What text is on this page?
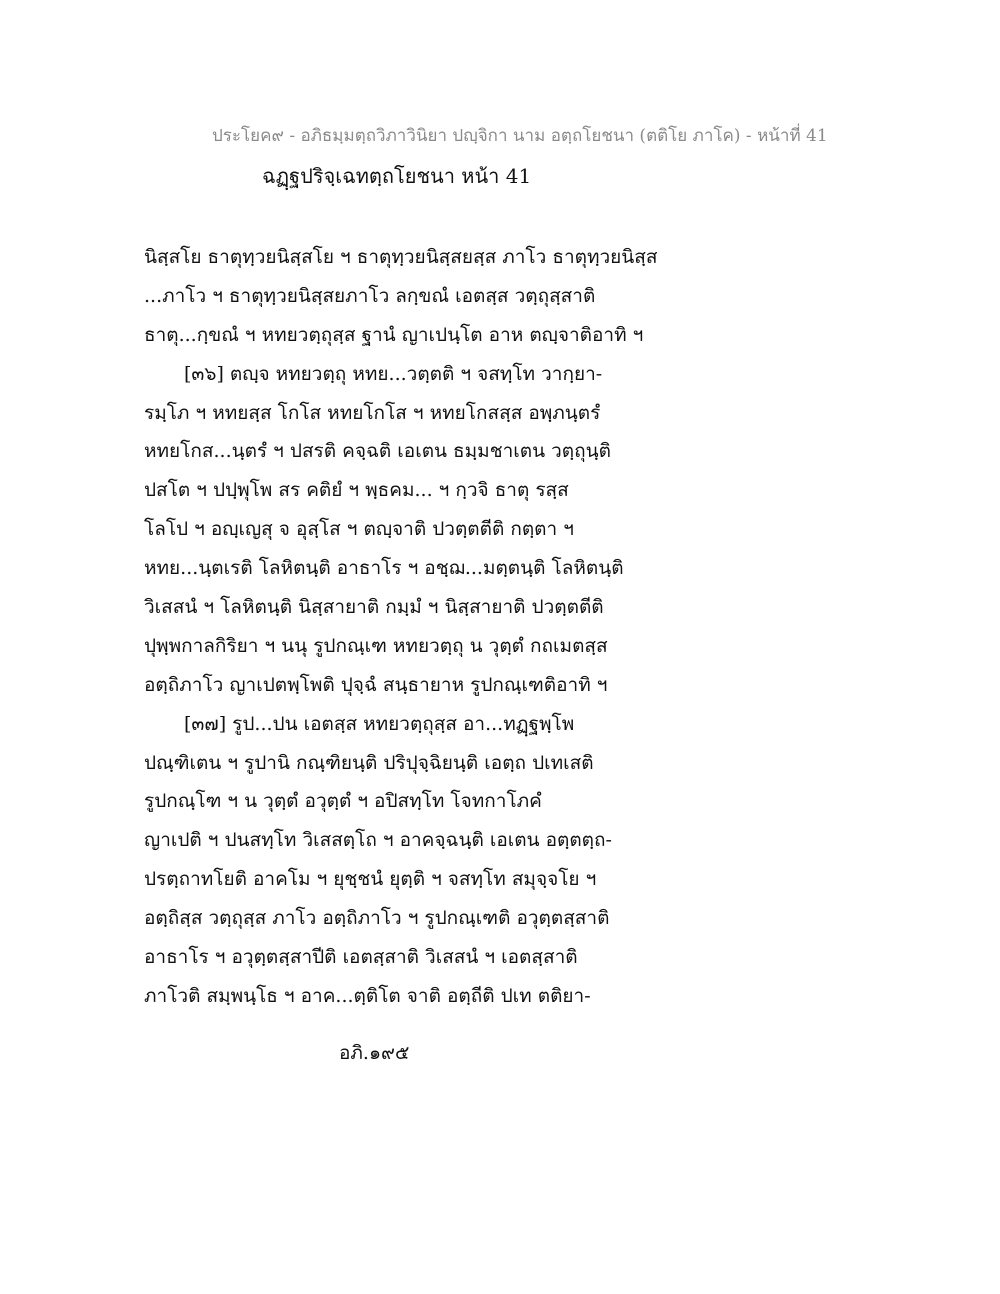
ประโยค๙ - อภิธมฺมตฺถวิภาวินิยา ปญฺจิกา นาม อตฺถโยชนา (ตติโย ภาโค) - หน้าที่ 41
ฉฏฺฐปริจฺเฉทตฺถโยชนา หน้า 41
นิสฺสโย ธาตุทฺวยนิสฺสโย ฯ ธาตุทฺวยนิสฺสยสฺส ภาโว ธาตุทฺวยนิสฺส
...ภาโว ฯ ธาตุทฺวยนิสฺสยภาโว ลกฺขณํ เอตสฺส วตฺถุสฺสาติ
ธาตุ...กฺขณํ ฯ หทยวตฺถุสฺส ฐานํ ญาเปนฺโต อาห ตญฺจาติอาทิ ฯ
[๓๖] ตญฺจ หทยวตฺถุ หทย...วตฺตติ ฯ จสทฺโท วากฺยา-
รมฺโภ ฯ หทยสฺส โกโส หทยโกโส ฯ หทยโกสสฺส อพฺภนฺตรํ
หทยโกส...นฺตรํ ฯ ปสรติ คจฺฉติ เอเตน ธมฺมชาเตน วตฺถุนฺติ
ปสโต ฯ ปปฺพุโพ สร คติยํ ฯ พฺธคม... ฯ กฺวจิ ธาตุ รสฺส
โลโป ฯ อญฺเญสุ จ อุสฺโส ฯ ตญฺจาติ ปวตฺตตีติ กตฺตา ฯ
หทย...นฺตเรติ โลหิตนฺติ อาธาโร ฯ อชฺฌ...มตฺตนฺติ โลหิตนฺติ
วิเสสนํ ฯ โลหิตนฺติ นิสฺสายาติ กมฺมํ ฯ นิสฺสายาติ ปวตฺตตีติ
ปุพฺพกาลกิริยา ฯ นนุ รูปกณฺเฑ หทยวตฺถุ น วุตฺตํ กถเมตสฺส
อตฺถิภาโว ญาเปตพฺโพติ ปุจฺฉํ สนฺธายาห รูปกณฺเฑติอาทิ ฯ
[๓๗] รูป...ปน เอตสฺส หทยวตฺถุสฺส อา...ทฏฺฐพฺโพ
ปณฺฑิเตน ฯ รูปานิ กณฺฑิยนฺติ ปริปุจฺฉิยนฺติ เอตฺถ ปเทเสติ
รูปกณฺโฑ ฯ น วุตฺตํ อวุตฺตํ ฯ อปิสทฺโท โจทกาโภคํ
ญาเปติ ฯ ปนสทฺโท วิเสสตฺโถ ฯ อาคจฺฉนฺติ เอเตน อตฺตตฺถ-
ปรตฺถาทโยติ อาคโม ฯ ยุชฺชนํ ยุตฺติ ฯ จสทฺโท สมุจฺจโย ฯ
อตฺถิสฺส วตฺถุสฺส ภาโว อตฺถิภาโว ฯ รูปกณฺเฑติ อวุตฺตสฺสาติ
อาธาโร ฯ อวุตฺตสฺสาปีติ เอตสฺสาติ วิเสสนํ ฯ เอตสฺสาติ
ภาโวติ สมฺพนฺโธ ฯ อาค...ตฺติโต จาติ อตฺถีติ ปเท ตติยา-
อภิ.๑๙๕
